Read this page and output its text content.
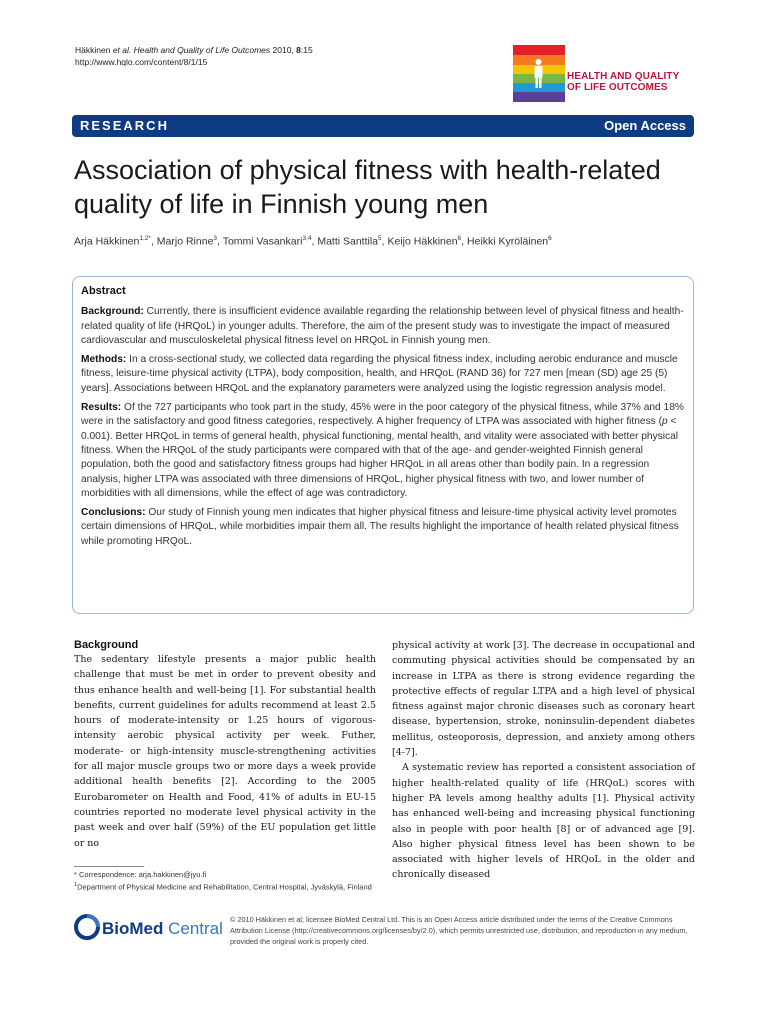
Häkkinen et al. Health and Quality of Life Outcomes 2010, 8:15
http://www.hqlo.com/content/8/1/15
HEALTH AND QUALITY
OF LIFE OUTCOMES
RESEARCH	Open Access
Association of physical fitness with health-related quality of life in Finnish young men
Arja Häkkinen$^{1,2*}$, Marjo Rinne$^3$, Tommi Vasankari$^{3,4}$, Matti Santtila$^5$, Keijo Häkkinen$^6$, Heikki Kyröläinen$^6$
Abstract

Background: Currently, there is insufficient evidence available regarding the relationship between level of physical fitness and health-related quality of life (HRQoL) in younger adults. Therefore, the aim of the present study was to investigate the impact of measured cardiovascular and musculoskeletal physical fitness level on HRQoL in Finnish young men.

Methods: In a cross-sectional study, we collected data regarding the physical fitness index, including aerobic endurance and muscle fitness, leisure-time physical activity (LTPA), body composition, health, and HRQoL (RAND 36) for 727 men [mean (SD) age 25 (5) years]. Associations between HRQoL and the explanatory parameters were analyzed using the logistic regression analysis model.

Results: Of the 727 participants who took part in the study, 45% were in the poor category of the physical fitness, while 37% and 18% were in the satisfactory and good fitness categories, respectively. A higher frequency of LTPA was associated with higher fitness (p < 0.001). Better HRQoL in terms of general health, physical functioning, mental health, and vitality were associated with better physical fitness. When the HRQoL of the study participants were compared with that of the age- and gender-weighted Finnish general population, both the good and satisfactory fitness groups had higher HRQoL in all areas other than bodily pain. In a regression analysis, higher LTPA was associated with three dimensions of HRQoL, higher physical fitness with two, and lower number of morbidities with all dimensions, while the effect of age was contradictory.

Conclusions: Our study of Finnish young men indicates that higher physical fitness and leisure-time physical activity level promotes certain dimensions of HRQoL, while morbidities impair them all. The results highlight the importance of health related physical fitness while promoting HRQoL.

Background

The sedentary lifestyle presents a major public health challenge that must be met in order to prevent obesity and thus enhance health and well-being [1]. For substantial health benefits, current guidelines for adults recommend at least 2.5 hours of moderate-intensity or 1.25 hours of vigorous-intensity aerobic physical activity per week. Futher, moderate- or high-intensity muscle-strengthening activities for all major muscle groups two or more days a week provide additional health benefits [2]. According to the 2005 Eurobarometer on Health and Food, 41% of adults in EU-15 countries reported no moderate level physical activity in the past week and over half (59%) of the EU population get little or no

physical activity at work [3]. The decrease in occupational and commuting physical activities should be compensated by an increase in LTPA as there is strong evidence regarding the protective effects of regular LTPA and a high level of physical fitness against major chronic diseases such as coronary heart disease, hypertension, stroke, noninsulin-dependent diabetes mellitus, osteoporosis, depression, and anxiety among others [4-7].

A systematic review has reported a consistent association of higher health-related quality of life (HRQoL) scores with higher PA levels among healthy adults [1]. Physical activity has enhanced well-being and increasing physical functioning also in people with poor health [8] or of advanced age [9]. Also higher physical fitness level has been shown to be associated with higher levels of HRQoL in the older and chronically diseased

* Correspondence: arja.hakkinen@jyu.fi
$^1$Department of Physical Medicine and Rehabilitation, Central Hospital, Jyväskylä, Finland
BioMed Central © 2010 Häkkinen et al; licensee BioMed Central Ltd. This is an Open Access article distributed under the terms of the Creative Commons Attribution License (http://creativecommons.org/licenses/by/2.0), which permits unrestricted use, distribution, and reproduction in any medium, provided the original work is properly cited.
